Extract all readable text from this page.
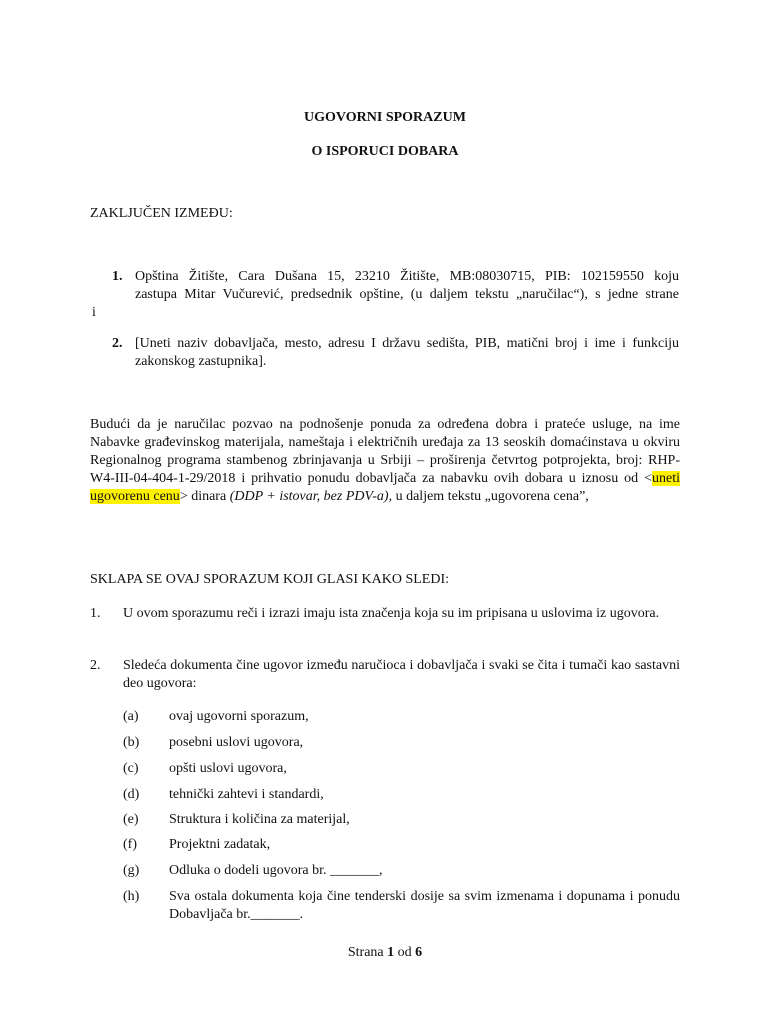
UGOVORNI SPORAZUM

O ISPORUCI DOBARA

ZAKLJUČEN IZMEĐU:

1. Opština Žitište, Cara Dušana 15, 23210 Žitište, MB:08030715, PIB: 102159550 koju

zastupa Mitar Vučurević, predsednik opštine, (u daljem tekstu „naručilac“), s jedne strane

i
2. [Uneti naziv dobavljača, mesto, adresu I državu sedišta, PIB, matični broj i ime i funkciju

zakonskog zastupnika].

Budući da je naručilac pozvao na podnošenje ponuda za određena dobra i prateće usluge, na ime Nabavke građevinskog materijala, nameštaja i električnih uređaja za 13 seoskih domaćinstava u okviru Regionalnog programa stambenog zbrinjavanja u Srbiji – proširenja četvrtog potprojekta, broj: RHP-W4-III-04-404-1-29/2018 i prihvatio ponudu dobavljača za nabavku ovih dobara u iznosu od <uneti ugovorenu cenu> dinara (DDP + istovar, bez PDV-a), u daljem tekstu „ugovorena cena”,

SKLAPA SE OVAJ SPORAZUM KOJI GLASI KAKO SLEDI:

1. U ovom sporazumu reči i izrazi imaju ista značenja koja su im pripisana u uslovima iz ugovora.

2. Sledeća dokumenta čine ugovor između naručioca i dobavljača i svaki se čita i tumači kao sastavni deo ugovora:

(a) ovaj ugovorni sporazum,

(b) posebni uslovi ugovora,

(c) opšti uslovi ugovora,

(d) tehnički zahtevi i standardi,

(e) Struktura i količina za materijal,

(f) Projektni zadatak,

(g) Odluka o dodeli ugovora br. _______,

(h) Sva ostala dokumenta koja čine tenderski dosije sa svim izmenama i dopunama i ponudu Dobavljača br._______.

Strana 1 od 6
